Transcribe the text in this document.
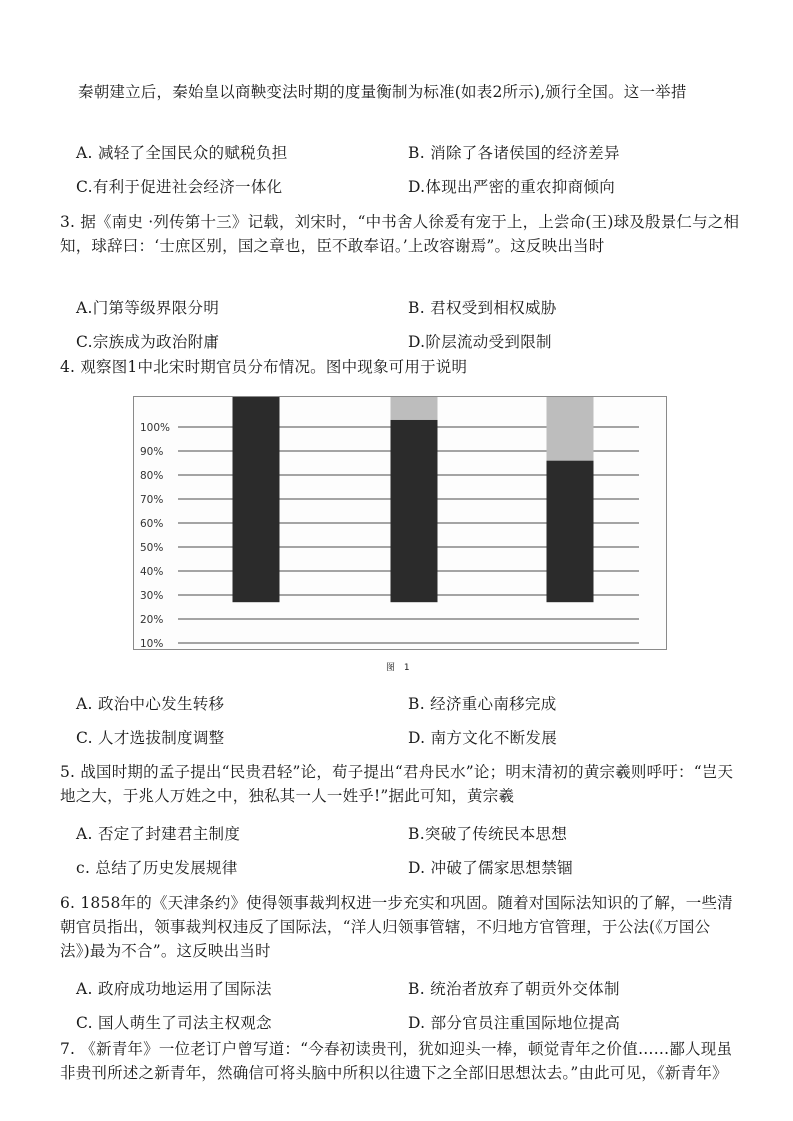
秦朝建立后，秦始皇以商鞅变法时期的度量衡制为标准(如表2所示),颁行全国。这一举措
A. 减轻了全国民众的赋税负担	B. 消除了各诸侯国的经济差异
C.有利于促进社会经济一体化	D.体现出严密的重农抑商倾向
3. 据《南史 ·列传第十三》记载，刘宋时，“中书舍人徐爰有宠于上，上尝命(王)球及殷景仁与之相知，球辞曰：‘士庶区别，国之章也，臣不敢奉诏。’上改容谢焉”。这反映出当时
A.门第等级界限分明	B. 君权受到相权威胁
C.宗族成为政治附庸	D.阶层流动受到限制
4. 观察图1中北宋时期官员分布情况。图中现象可用于说明
10%
20%
30%
40%
50%
60%
70%
80%
90%
100%
图 1
A. 政治中心发生转移	B. 经济重心南移完成
C. 人才选拔制度调整	D. 南方文化不断发展
5. 战国时期的孟子提出“民贵君轻”论，荀子提出“君舟民水”论；明末清初的黄宗羲则呼吁：“岂天地之大，于兆人万姓之中，独私其一人一姓乎!”据此可知，黄宗羲
A. 否定了封建君主制度	B.突破了传统民本思想
c. 总结了历史发展规律	D. 冲破了儒家思想禁锢
6. 1858年的《天津条约》使得领事裁判权进一步充实和巩固。随着对国际法知识的了解，一些清朝官员指出，领事裁判权违反了国际法，“洋人归领事管辖，不归地方官管理，于公法(《万国公法》)最为不合”。这反映出当时
A. 政府成功地运用了国际法	B. 统治者放弃了朝贡外交体制
C. 国人萌生了司法主权观念	D. 部分官员注重国际地位提高
7. 《新青年》一位老订户曾写道：“今春初读贵刊，犹如迎头一棒，顿觉青年之价值……鄙人现虽非贵刊所述之新青年，然确信可将头脑中所积以往遗下之全部旧思想汰去。”由此可见，《新青年》
